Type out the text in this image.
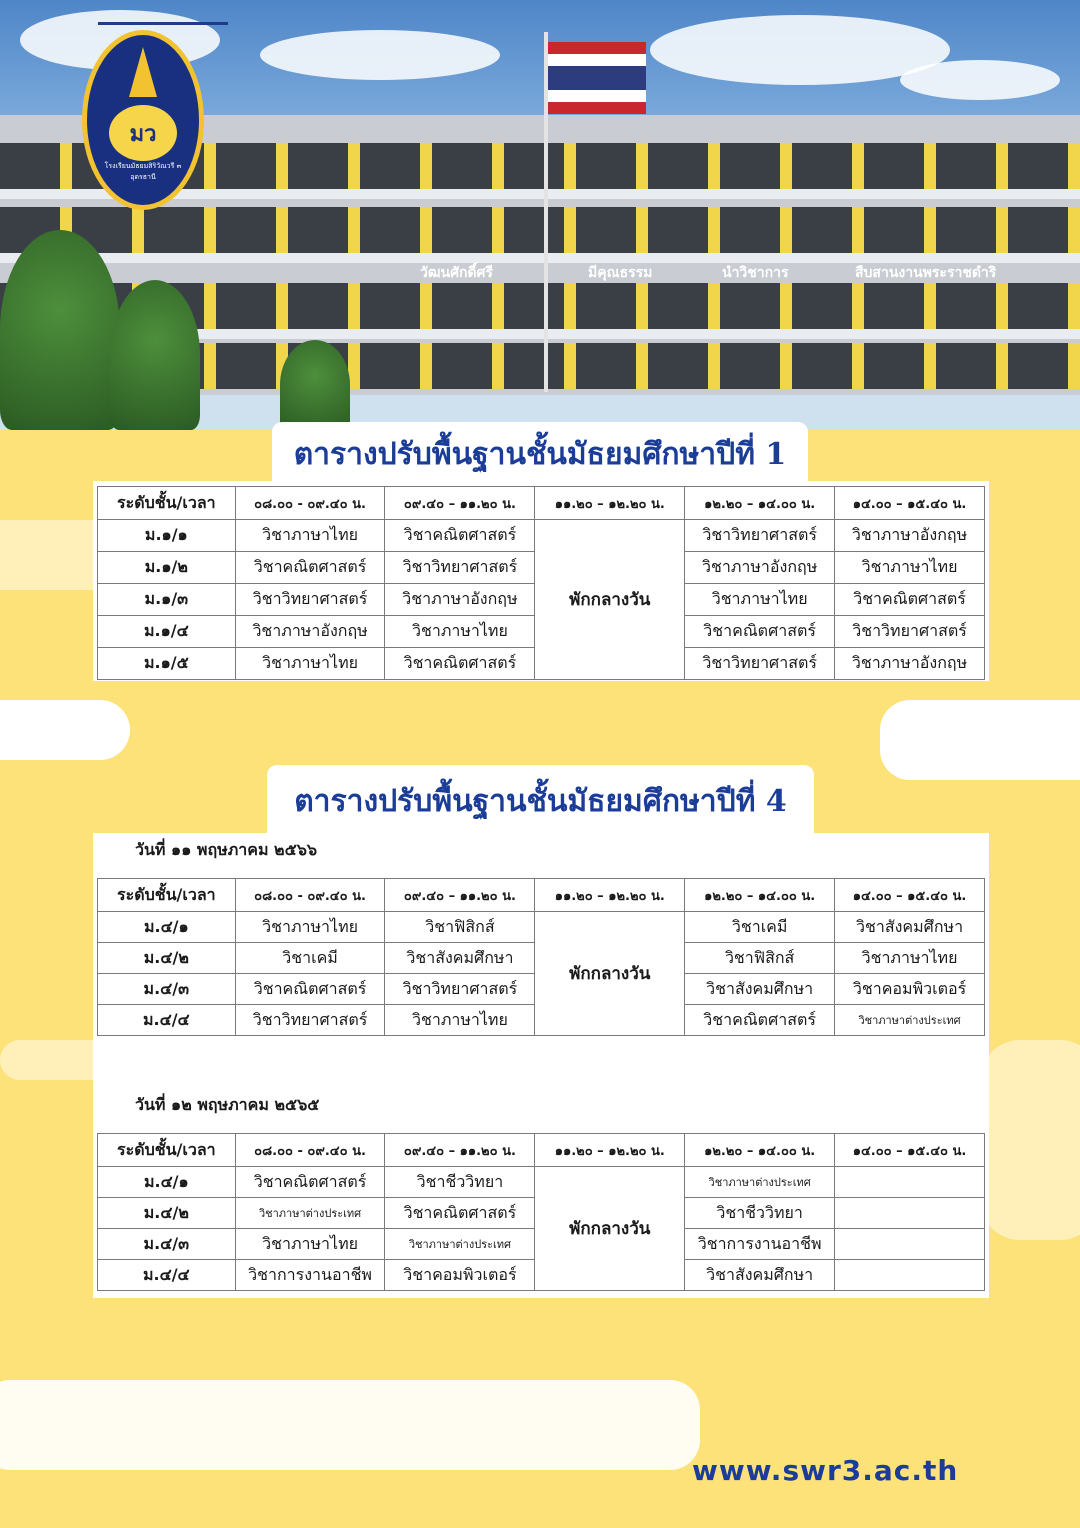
วัฒนศักดิ์ศรี	มีคุณธรรม	นำวิชาการ	สืบสานงานพระราชดำริ
มว
โรงเรียนมัธยมสิริวัณวรี ๓ อุดรธานี
ตารางปรับพื้นฐานชั้นมัธยมศึกษาปีที่ 1
ระดับชั้น/เวลา	๐๘.๐๐ - ๐๙.๔๐ น.	๐๙.๔๐ – ๑๑.๒๐ น.	๑๑.๒๐ – ๑๒.๒๐ น.	๑๒.๒๐ – ๑๔.๐๐ น.	๑๔.๐๐ – ๑๕.๔๐ น.
ม.๑/๑	วิชาภาษาไทย	วิชาคณิตศาสตร์	พักกลางวัน	วิชาวิทยาศาสตร์	วิชาภาษาอังกฤษ
ม.๑/๒	วิชาคณิตศาสตร์	วิชาวิทยาศาสตร์		วิชาภาษาอังกฤษ	วิชาภาษาไทย
ม.๑/๓	วิชาวิทยาศาสตร์	วิชาภาษาอังกฤษ		วิชาภาษาไทย	วิชาคณิตศาสตร์
ม.๑/๔	วิชาภาษาอังกฤษ	วิชาภาษาไทย		วิชาคณิตศาสตร์	วิชาวิทยาศาสตร์
ม.๑/๕	วิชาภาษาไทย	วิชาคณิตศาสตร์		วิชาวิทยาศาสตร์	วิชาภาษาอังกฤษ
ตารางปรับพื้นฐานชั้นมัธยมศึกษาปีที่ 4
วันที่ ๑๑ พฤษภาคม ๒๕๖๖
ระดับชั้น/เวลา	๐๘.๐๐ - ๐๙.๔๐ น.	๐๙.๔๐ – ๑๑.๒๐ น.	๑๑.๒๐ – ๑๒.๒๐ น.	๑๒.๒๐ – ๑๔.๐๐ น.	๑๔.๐๐ – ๑๕.๔๐ น.
ม.๔/๑	วิชาภาษาไทย	วิชาฟิสิกส์	พักกลางวัน	วิชาเคมี	วิชาสังคมศึกษา
ม.๔/๒	วิชาเคมี	วิชาสังคมศึกษา		วิชาฟิสิกส์	วิชาภาษาไทย
ม.๔/๓	วิชาคณิตศาสตร์	วิชาวิทยาศาสตร์		วิชาสังคมศึกษา	วิชาคอมพิวเตอร์
ม.๔/๔	วิชาวิทยาศาสตร์	วิชาภาษาไทย		วิชาคณิตศาสตร์	วิชาภาษาต่างประเทศ
วันที่ ๑๒ พฤษภาคม ๒๕๖๕
ระดับชั้น/เวลา	๐๘.๐๐ - ๐๙.๔๐ น.	๐๙.๔๐ – ๑๑.๒๐ น.	๑๑.๒๐ – ๑๒.๒๐ น.	๑๒.๒๐ – ๑๔.๐๐ น.	๑๔.๐๐ – ๑๕.๔๐ น.
ม.๔/๑	วิชาคณิตศาสตร์	วิชาชีววิทยา	พักกลางวัน	วิชาภาษาต่างประเทศ	
ม.๔/๒	วิชาภาษาต่างประเทศ	วิชาคณิตศาสตร์		วิชาชีววิทยา	
ม.๔/๓	วิชาภาษาไทย	วิชาภาษาต่างประเทศ		วิชาการงานอาชีพ	
ม.๔/๔	วิชาการงานอาชีพ	วิชาคอมพิวเตอร์		วิชาสังคมศึกษา	
www.swr3.ac.th
